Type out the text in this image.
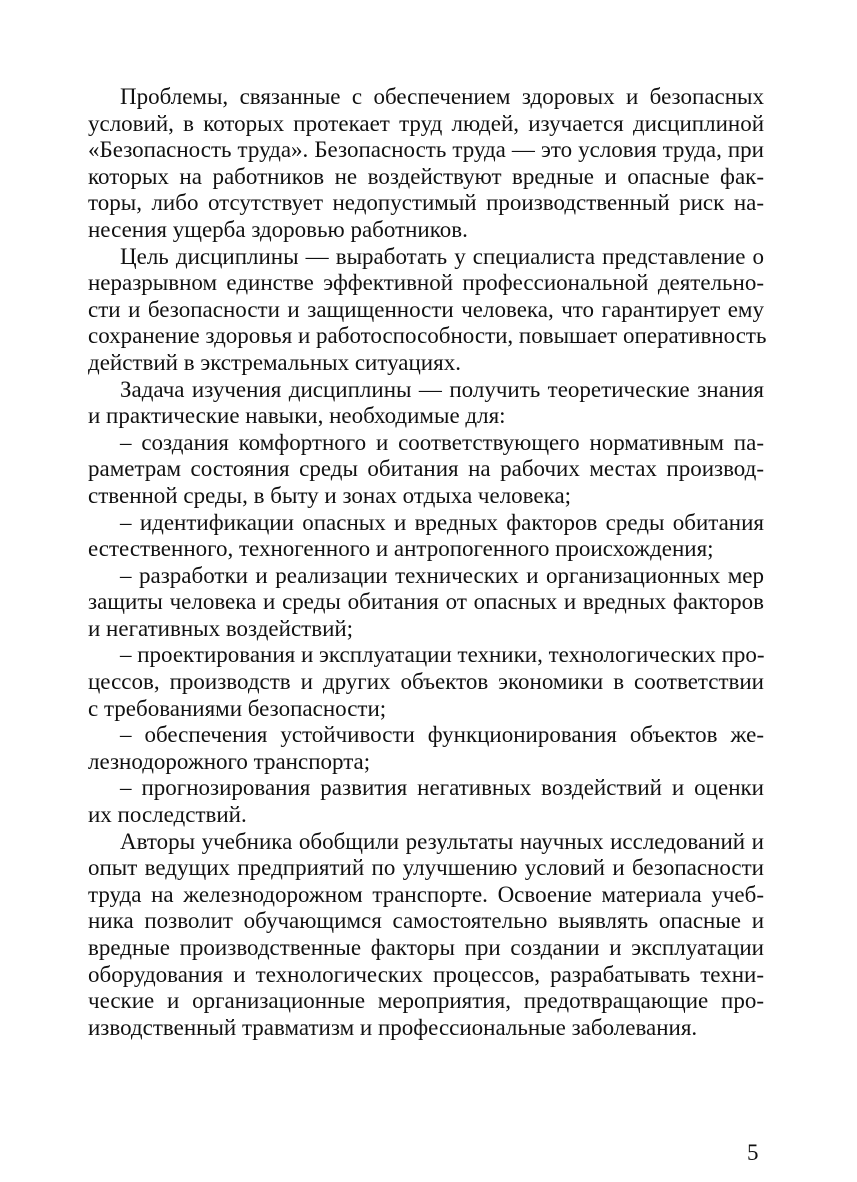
Проблемы, связанные с обеспечением здоровых и безопасных
условий, в которых протекает труд людей, изучается дисциплиной
«Безопасность труда». Безопасность труда — это условия труда, при
которых на работников не воздействуют вредные и опасные фак-
торы, либо отсутствует недопустимый производственный риск на-
несения ущерба здоровью работников.
Цель дисциплины — выработать у специалиста представление о
неразрывном единстве эффективной профессиональной деятельно-
сти и безопасности и защищенности человека, что гарантирует ему
сохранение здоровья и работоспособности, повышает оперативность
действий в экстремальных ситуациях.
Задача изучения дисциплины — получить теоретические знания
и практические навыки, необходимые для:
– создания комфортного и соответствующего нормативным па-
раметрам состояния среды обитания на рабочих местах производ-
ственной среды, в быту и зонах отдыха человека;
– идентификации опасных и вредных факторов среды обитания
естественного, техногенного и антропогенного происхождения;
– разработки и реализации технических и организационных мер
защиты человека и среды обитания от опасных и вредных факторов
и негативных воздействий;
– проектирования и эксплуатации техники, технологических про-
цессов, производств и других объектов экономики в соответствии
с требованиями безопасности;
– обеспечения устойчивости функционирования объектов же-
лезнодорожного транспорта;
– прогнозирования развития негативных воздействий и оценки
их последствий.
Авторы учебника обобщили результаты научных исследований и
опыт ведущих предприятий по улучшению условий и безопасности
труда на железнодорожном транспорте. Освоение материала учеб-
ника позволит обучающимся самостоятельно выявлять опасные и
вредные производственные факторы при создании и эксплуатации
оборудования и технологических процессов, разрабатывать техни-
ческие и организационные мероприятия, предотвращающие про-
изводственный травматизм и профессиональные заболевания.
5
